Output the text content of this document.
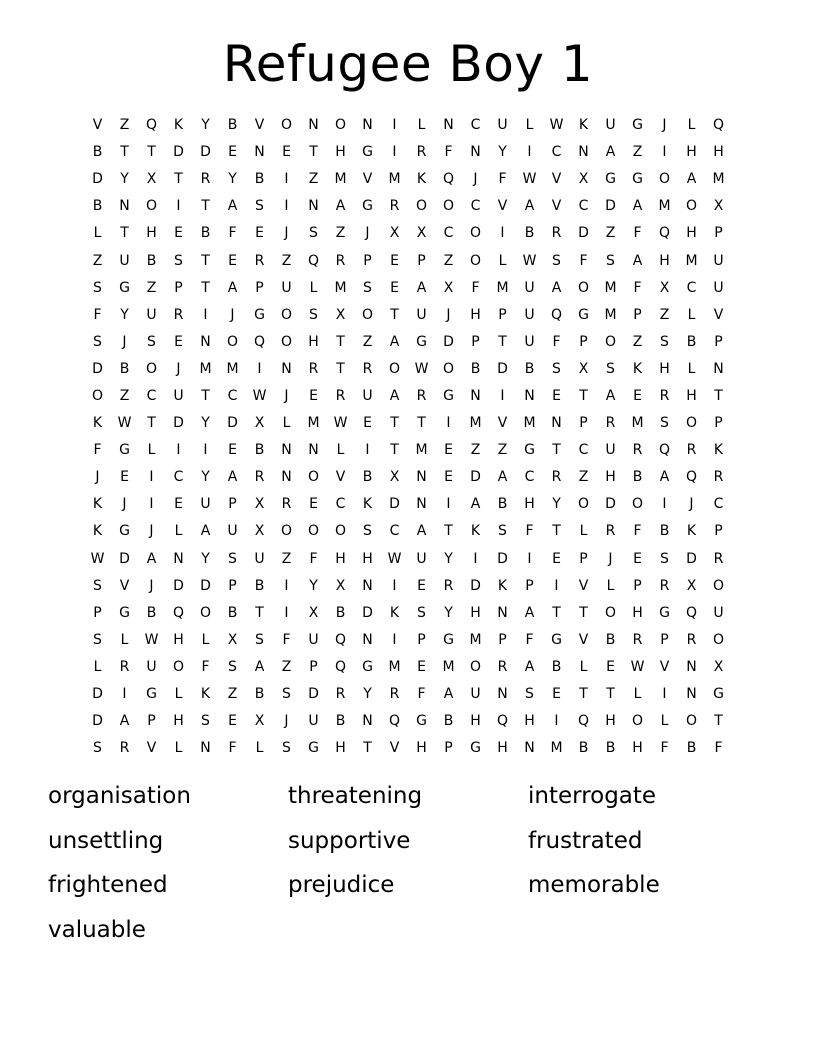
Refugee Boy 1
V	Z	Q	K	Y	B	V	O	N	O	N	I	L	N	C	U	L	W	K	U	G	J	L	Q
B	T	T	D	D	E	N	E	T	H	G	I	R	F	N	Y	I	C	N	A	Z	I	H	H
D	Y	X	T	R	Y	B	I	Z	M	V	M	K	Q	J	F	W	V	X	G	G	O	A	M
B	N	O	I	T	A	S	I	N	A	G	R	O	O	C	V	A	V	C	D	A	M	O	X
L	T	H	E	B	F	E	J	S	Z	J	X	X	C	O	I	B	R	D	Z	F	Q	H	P
Z	U	B	S	T	E	R	Z	Q	R	P	E	P	Z	O	L	W	S	F	S	A	H	M	U
S	G	Z	P	T	A	P	U	L	M	S	E	A	X	F	M	U	A	O	M	F	X	C	U
F	Y	U	R	I	J	G	O	S	X	O	T	U	J	H	P	U	Q	G	M	P	Z	L	V
S	J	S	E	N	O	Q	O	H	T	Z	A	G	D	P	T	U	F	P	O	Z	S	B	P
D	B	O	J	M	M	I	N	R	T	R	O	W	O	B	D	B	S	X	S	K	H	L	N
O	Z	C	U	T	C	W	J	E	R	U	A	R	G	N	I	N	E	T	A	E	R	H	T
K	W	T	D	Y	D	X	L	M	W	E	T	T	I	M	V	M	N	P	R	M	S	O	P
F	G	L	I	I	E	B	N	N	L	I	T	M	E	Z	Z	G	T	C	U	R	Q	R	K
J	E	I	C	Y	A	R	N	O	V	B	X	N	E	D	A	C	R	Z	H	B	A	Q	R
K	J	I	E	U	P	X	R	E	C	K	D	N	I	A	B	H	Y	O	D	O	I	J	C
K	G	J	L	A	U	X	O	O	O	S	C	A	T	K	S	F	T	L	R	F	B	K	P
W	D	A	N	Y	S	U	Z	F	H	H	W	U	Y	I	D	I	E	P	J	E	S	D	R
S	V	J	D	D	P	B	I	Y	X	N	I	E	R	D	K	P	I	V	L	P	R	X	O
P	G	B	Q	O	B	T	I	X	B	D	K	S	Y	H	N	A	T	T	O	H	G	Q	U
S	L	W	H	L	X	S	F	U	Q	N	I	P	G	M	P	F	G	V	B	R	P	R	O
L	R	U	O	F	S	A	Z	P	Q	G	M	E	M	O	R	A	B	L	E	W	V	N	X
D	I	G	L	K	Z	B	S	D	R	Y	R	F	A	U	N	S	E	T	T	L	I	N	G
D	A	P	H	S	E	X	J	U	B	N	Q	G	B	H	Q	H	I	Q	H	O	L	O	T
S	R	V	L	N	F	L	S	G	H	T	V	H	P	G	H	N	M	B	B	H	F	B	F
organisation	threatening	interrogate
unsettling	supportive	frustrated
frightened	prejudice	memorable
valuable
